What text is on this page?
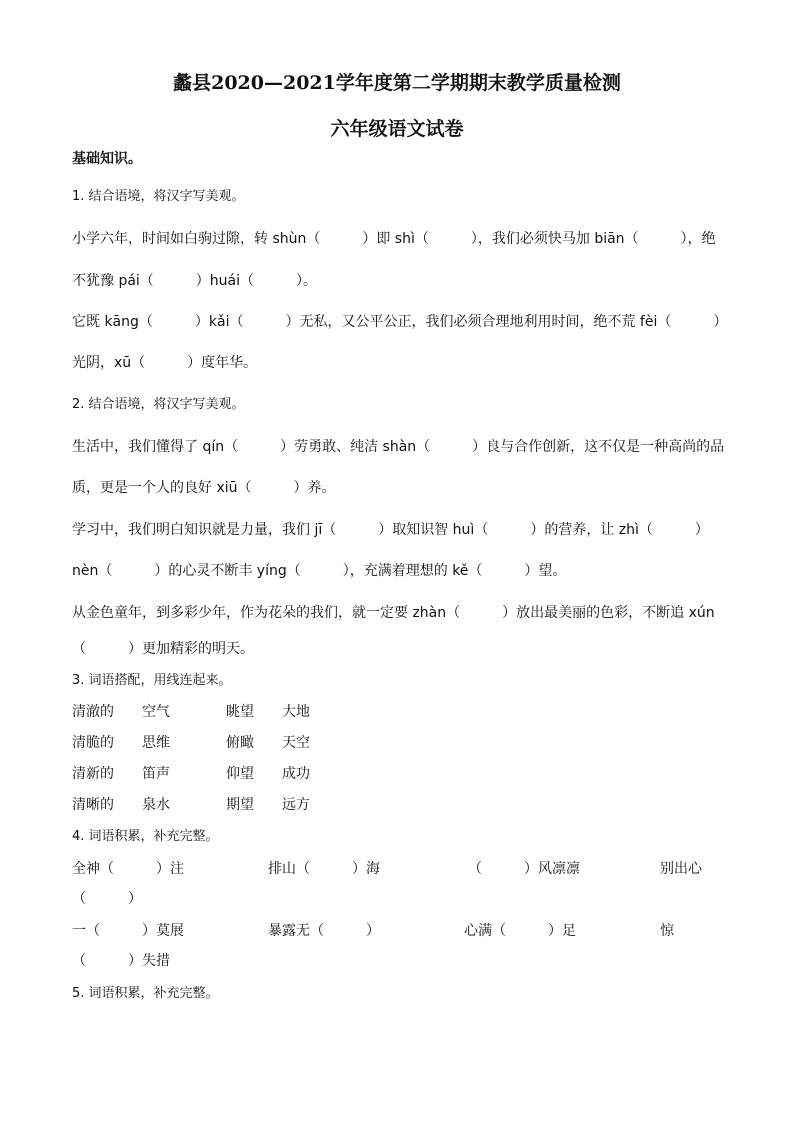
蠡县2020—2021学年度第二学期期末教学质量检测
六年级语文试卷
基础知识。
1. 结合语境，将汉字写美观。
小学六年，时间如白驹过隙，转 shùn（　　　）即 shì（　　　），我们必须快马加 biān（　　　），绝
不犹豫 pái（　　　）huái（　　　）。
它既 kāng（　　　）kǎi（　　　）无私，又公平公正，我们必须合理地利用时间，绝不荒 fèi（　　　）
光阴，xū（　　　）度年华。
2. 结合语境，将汉字写美观。
生活中，我们懂得了 qín（　　　）劳勇敢、纯洁 shàn（　　　）良与合作创新，这不仅是一种高尚的品
质，更是一个人的良好 xiū（　　　）养。
学习中，我们明白知识就是力量，我们 jī（　　　）取知识智 huì（　　　）的营养，让 zhì（　　　）
nèn（　　　）的心灵不断丰 yíng（　　　），充满着理想的 kě（　　　）望。
从金色童年，到多彩少年，作为花朵的我们，就一定要 zhàn（　　　）放出最美丽的色彩，不断追 xún
（　　　）更加精彩的明天。
3. 词语搭配，用线连起来。
清澈的 空气	眺望 大地
清脆的 思维	俯瞰 天空
清新的 笛声	仰望 成功
清晰的 泉水	期望 远方
4. 词语积累，补充完整。
全神（　　　）注	排山（　　　）海	（　　　）风凛凛	别出心
（　　　）
一（　　　）莫展	暴露无（　　　）	心满（　　　）足	惊
（　　　）失措
5. 词语积累，补充完整。
